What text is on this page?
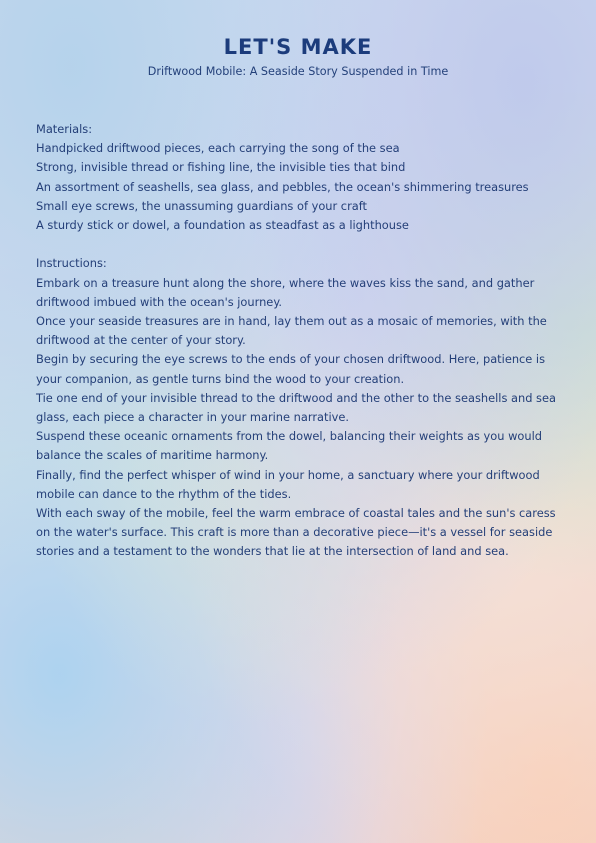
LET'S MAKE
Driftwood Mobile: A Seaside Story Suspended in Time

Materials:

Handpicked driftwood pieces, each carrying the song of the sea

Strong, invisible thread or fishing line, the invisible ties that bind

An assortment of seashells, sea glass, and pebbles, the ocean's shimmering treasures

Small eye screws, the unassuming guardians of your craft

A sturdy stick or dowel, a foundation as steadfast as a lighthouse

Instructions:

Embark on a treasure hunt along the shore, where the waves kiss the sand, and gather driftwood imbued with the ocean's journey.

Once your seaside treasures are in hand, lay them out as a mosaic of memories, with the driftwood at the center of your story.

Begin by securing the eye screws to the ends of your chosen driftwood. Here, patience is your companion, as gentle turns bind the wood to your creation.

Tie one end of your invisible thread to the driftwood and the other to the seashells and sea glass, each piece a character in your marine narrative.

Suspend these oceanic ornaments from the dowel, balancing their weights as you would balance the scales of maritime harmony.

Finally, find the perfect whisper of wind in your home, a sanctuary where your driftwood mobile can dance to the rhythm of the tides.

With each sway of the mobile, feel the warm embrace of coastal tales and the sun's caress on the water's surface. This craft is more than a decorative piece—it's a vessel for seaside stories and a testament to the wonders that lie at the intersection of land and sea.
